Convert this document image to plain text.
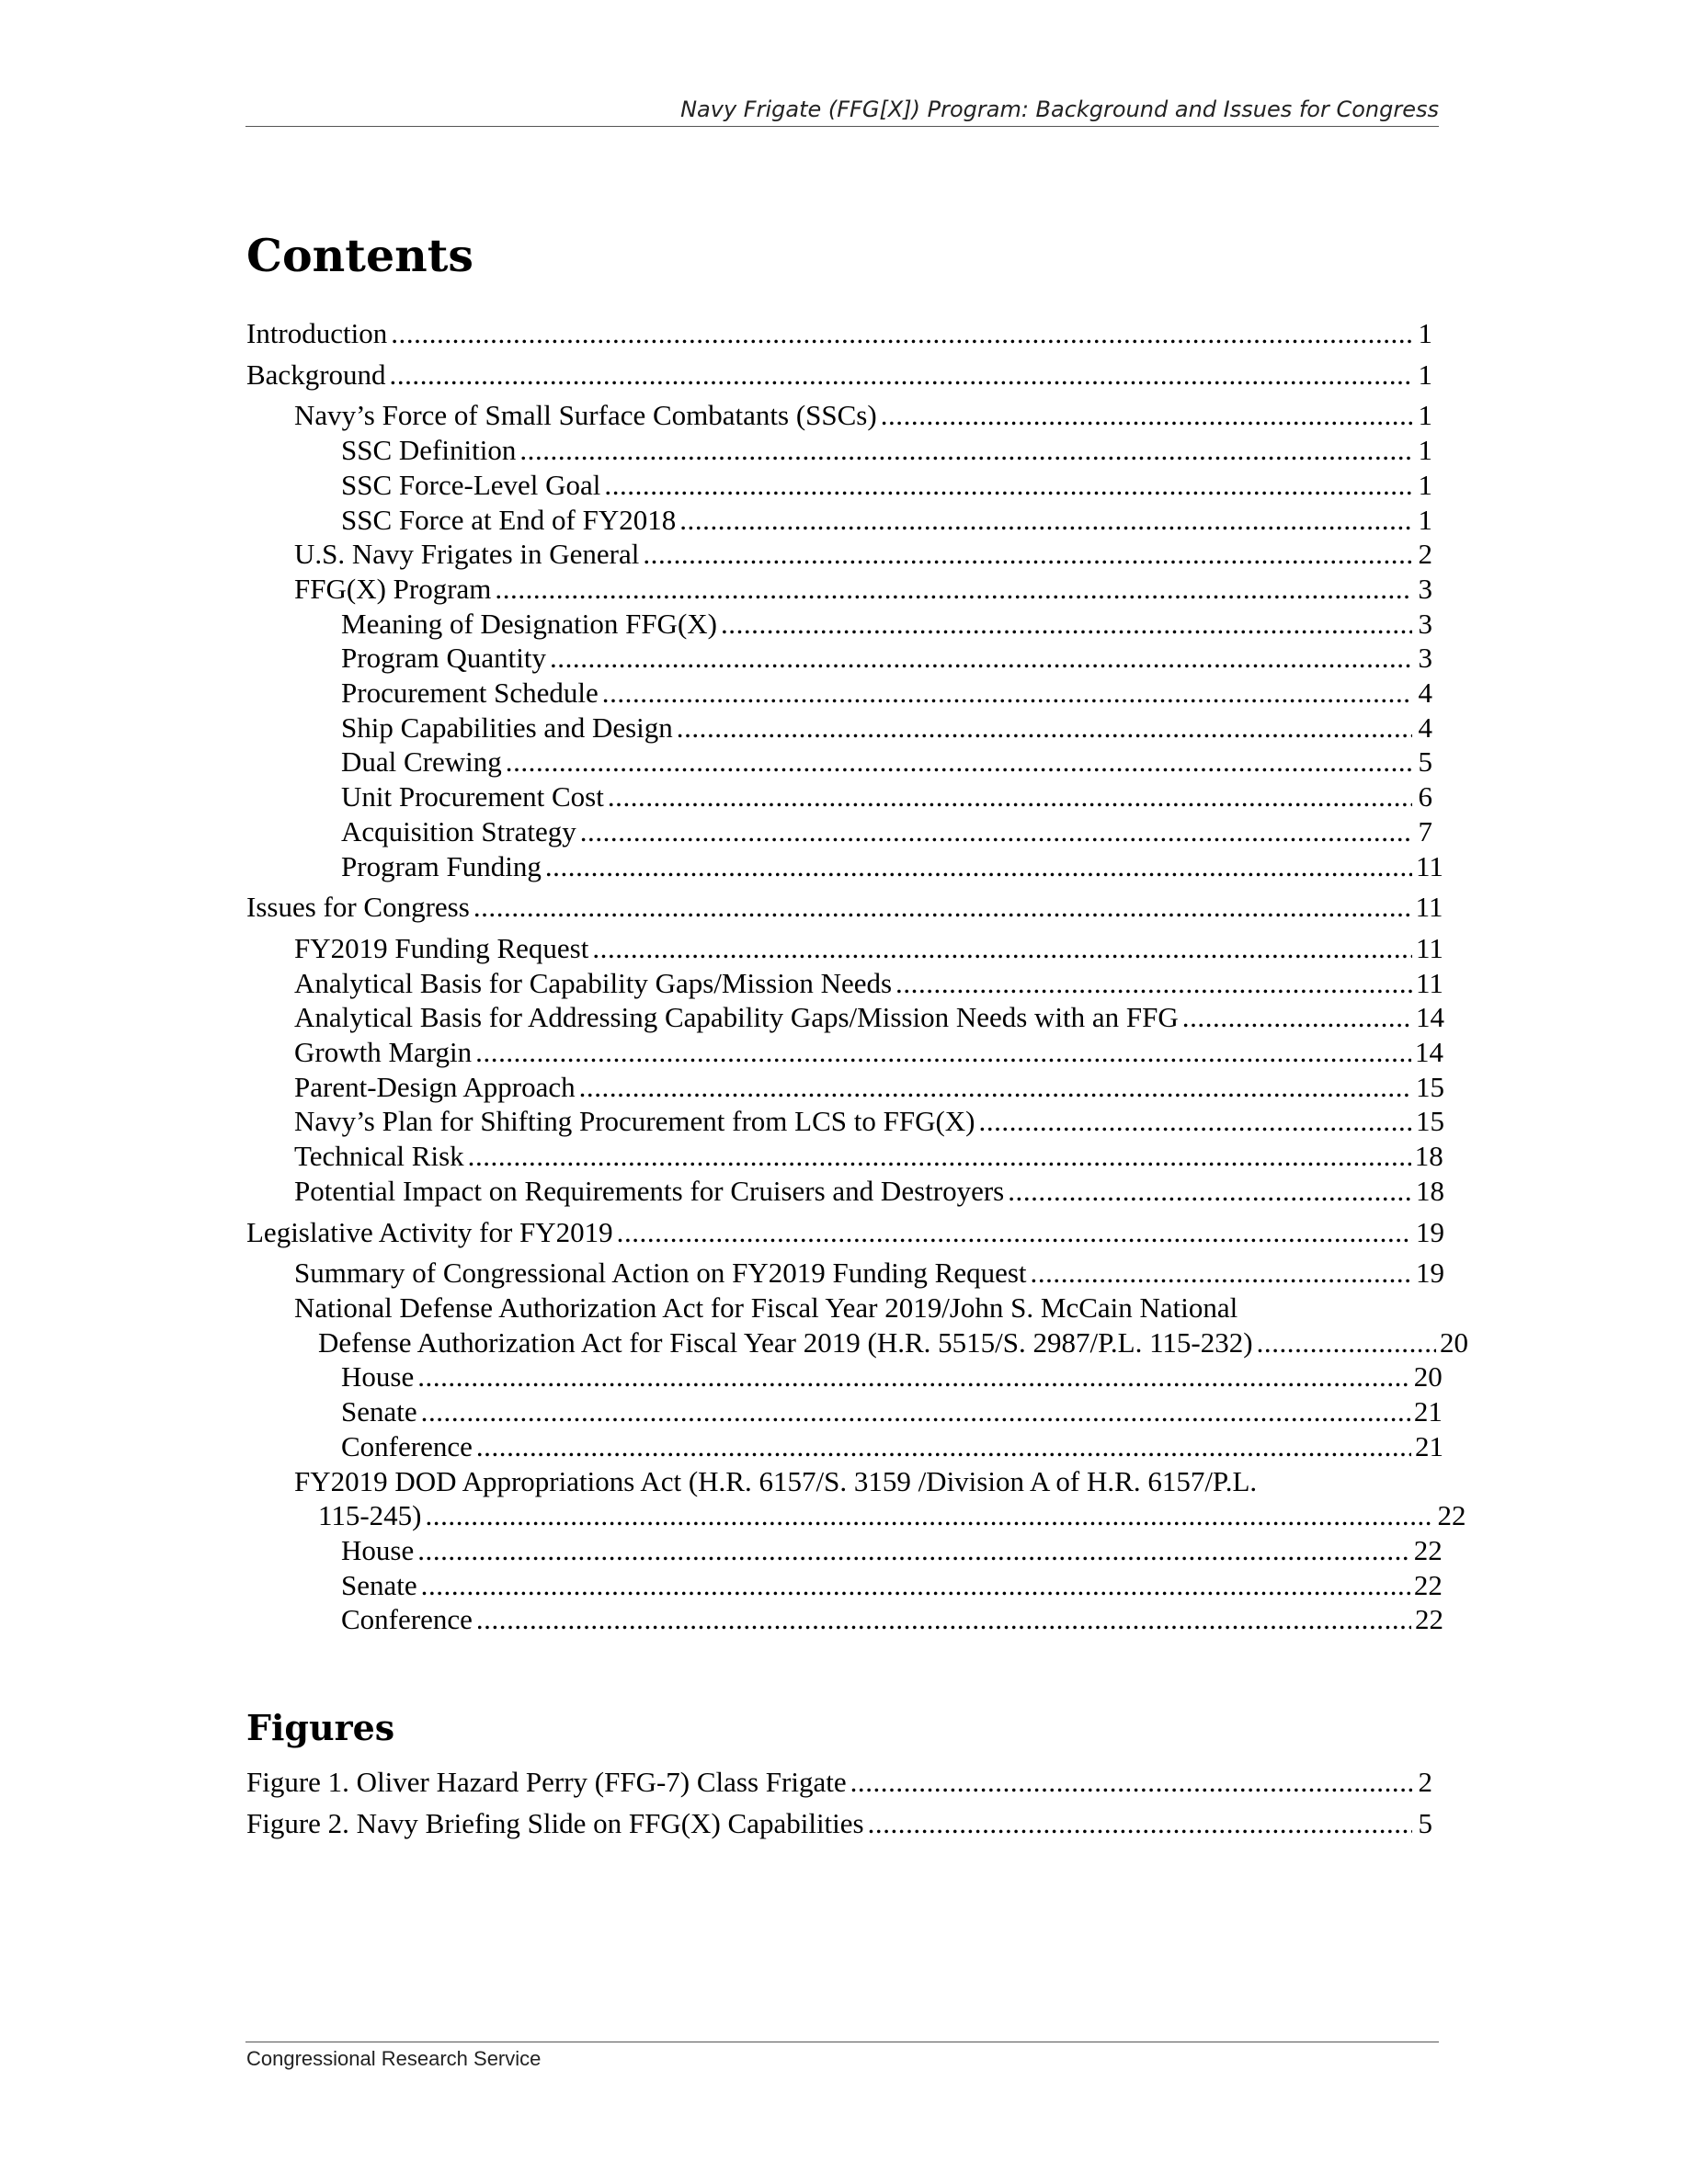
Navy Frigate (FFG[X]) Program: Background and Issues for Congress
Contents
Introduction . . .	1
Background . . .	1
Navy’s Force of Small Surface Combatants (SSCs) . . .	1
SSC Definition . . .	1
SSC Force-Level Goal . . .	1
SSC Force at End of FY2018 . . .	1
U.S. Navy Frigates in General . . .	2
FFG(X) Program . . .	3
Meaning of Designation FFG(X) . . .	3
Program Quantity . . .	3
Procurement Schedule . . .	4
Ship Capabilities and Design . . .	4
Dual Crewing . . .	5
Unit Procurement Cost . . .	6
Acquisition Strategy . . .	7
Program Funding . . .	11
Issues for Congress . . .	11
FY2019 Funding Request . . .	11
Analytical Basis for Capability Gaps/Mission Needs . . .	11
Analytical Basis for Addressing Capability Gaps/Mission Needs with an FFG . . .	14
Growth Margin . . .	14
Parent-Design Approach . . .	15
Navy’s Plan for Shifting Procurement from LCS to FFG(X) . . .	15
Technical Risk . . .	18
Potential Impact on Requirements for Cruisers and Destroyers . . .	18
Legislative Activity for FY2019 . . .	19
Summary of Congressional Action on FY2019 Funding Request . . .	19
National Defense Authorization Act for Fiscal Year 2019/John S. McCain National
Defense Authorization Act for Fiscal Year 2019 (H.R. 5515/S. 2987/P.L. 115-232) . . .	20
House . . .	20
Senate . . .	21
Conference . . .	21
FY2019 DOD Appropriations Act (H.R. 6157/S. 3159 /Division A of H.R. 6157/P.L.
115-245) . . .	22
House . . .	22
Senate . . .	22
Conference . . .	22
Figures
Figure 1. Oliver Hazard Perry (FFG-7) Class Frigate . . .	2
Figure 2. Navy Briefing Slide on FFG(X) Capabilities . . .	5
Congressional Research Service
